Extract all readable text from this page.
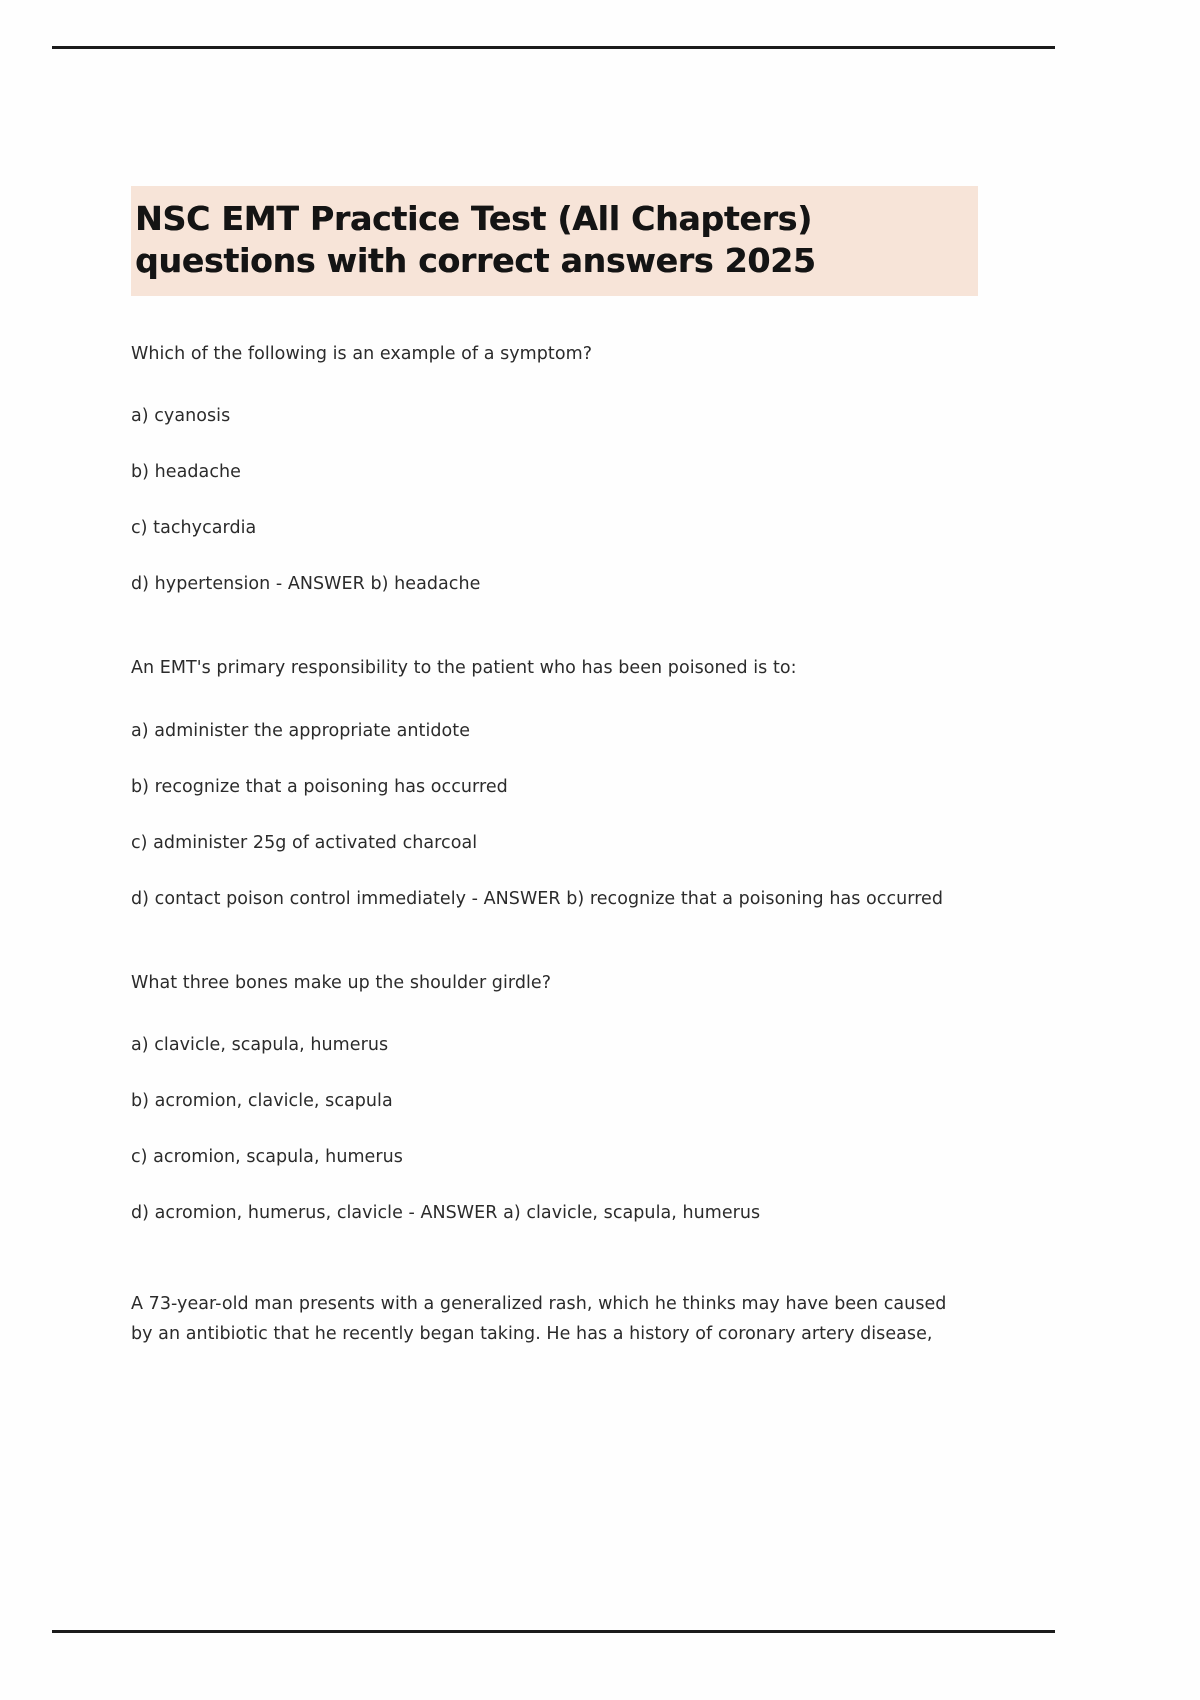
NSC EMT Practice Test (All Chapters) questions with correct answers 2025

Which of the following is an example of a symptom?

a) cyanosis
b) headache
c) tachycardia
d) hypertension - ANSWER b) headache

An EMT's primary responsibility to the patient who has been poisoned is to:

a) administer the appropriate antidote
b) recognize that a poisoning has occurred
c) administer 25g of activated charcoal
d) contact poison control immediately - ANSWER b) recognize that a poisoning has occurred

What three bones make up the shoulder girdle?

a) clavicle, scapula, humerus
b) acromion, clavicle, scapula
c) acromion, scapula, humerus
d) acromion, humerus, clavicle - ANSWER a) clavicle, scapula, humerus

A 73-year-old man presents with a generalized rash, which he thinks may have been caused by an antibiotic that he recently began taking. He has a history of coronary artery disease,
